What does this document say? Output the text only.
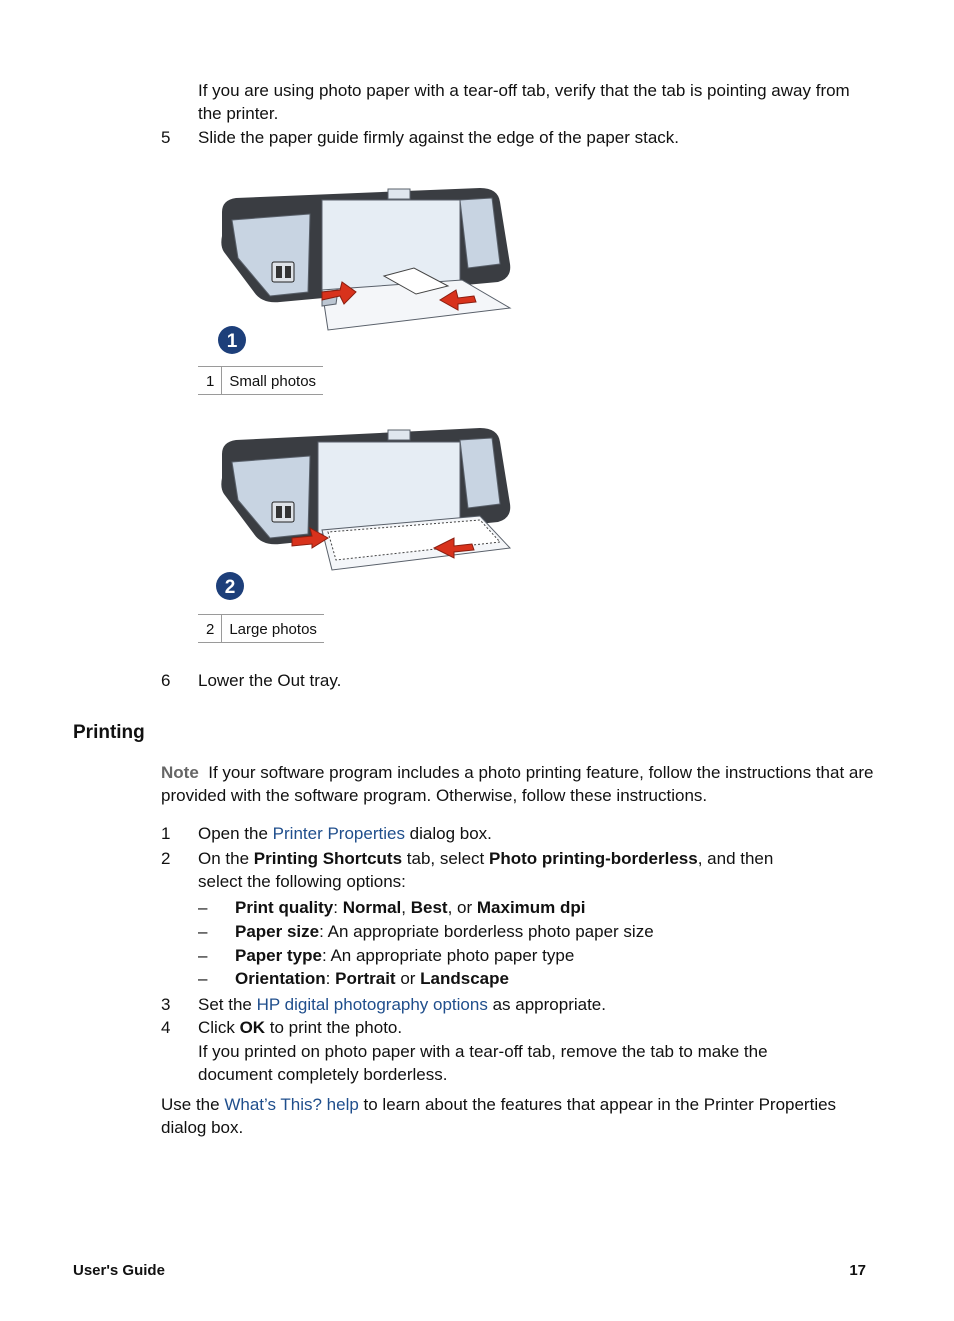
If you are using photo paper with a tear-off tab, verify that the tab is pointing away from the printer.
5 Slide the paper guide firmly against the edge of the paper stack.
1
1	Small photos
2
2	Large photos
6 Lower the Out tray.
Printing
Note If your software program includes a photo printing feature, follow the instructions that are provided with the software program. Otherwise, follow these instructions.
1 Open the Printer Properties dialog box.
2 On the Printing Shortcuts tab, select Photo printing-borderless, and then
select the following options:
– Print quality: Normal, Best, or Maximum dpi
– Paper size: An appropriate borderless photo paper size
– Paper type: An appropriate photo paper type
– Orientation: Portrait or Landscape
3 Set the HP digital photography options as appropriate.
4 Click OK to print the photo.
If you printed on photo paper with a tear-off tab, remove the tab to make the document completely borderless.
Use the What’s This? help to learn about the features that appear in the Printer Properties dialog box.
User's Guide	17
